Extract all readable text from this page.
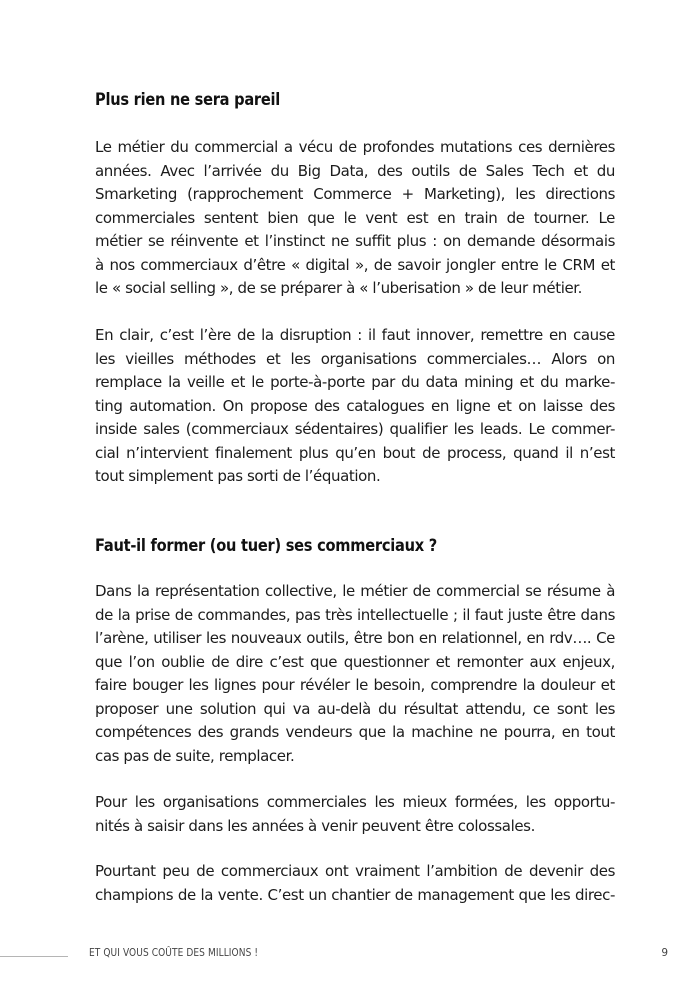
Plus rien ne sera pareil
Le métier du commercial a vécu de profondes mutations ces dernières
années. Avec l’arrivée du Big Data, des outils de Sales Tech et du
Smarketing (rapprochement Commerce + Marketing), les directions
commerciales sentent bien que le vent est en train de tourner. Le
métier se réinvente et l’instinct ne suffit plus : on demande désormais
à nos commerciaux d’être « digital », de savoir jongler entre le CRM et
le « social selling », de se préparer à « l’uberisation » de leur métier.
En clair, c’est l’ère de la disruption : il faut innover, remettre en cause
les vieilles méthodes et les organisations commerciales… Alors on
remplace la veille et le porte-à-porte par du data mining et du marke-
ting automation. On propose des catalogues en ligne et on laisse des
inside sales (commerciaux sédentaires) qualifier les leads. Le commer-
cial n’intervient finalement plus qu’en bout de process, quand il n’est
tout simplement pas sorti de l’équation.
Faut-il former (ou tuer) ses commerciaux ?
Dans la représentation collective, le métier de commercial se résume à
de la prise de commandes, pas très intellectuelle ; il faut juste être dans
l’arène, utiliser les nouveaux outils, être bon en relationnel, en rdv…. Ce
que l’on oublie de dire c’est que questionner et remonter aux enjeux,
faire bouger les lignes pour révéler le besoin, comprendre la douleur et
proposer une solution qui va au-delà du résultat attendu, ce sont les
compétences des grands vendeurs que la machine ne pourra, en tout
cas pas de suite, remplacer.
Pour les organisations commerciales les mieux formées, les opportu-
nités à saisir dans les années à venir peuvent être colossales.
Pourtant peu de commerciaux ont vraiment l’ambition de devenir des
champions de la vente. C’est un chantier de management que les direc-
ET QUI VOUS COÛTE DES MILLIONS !	9
